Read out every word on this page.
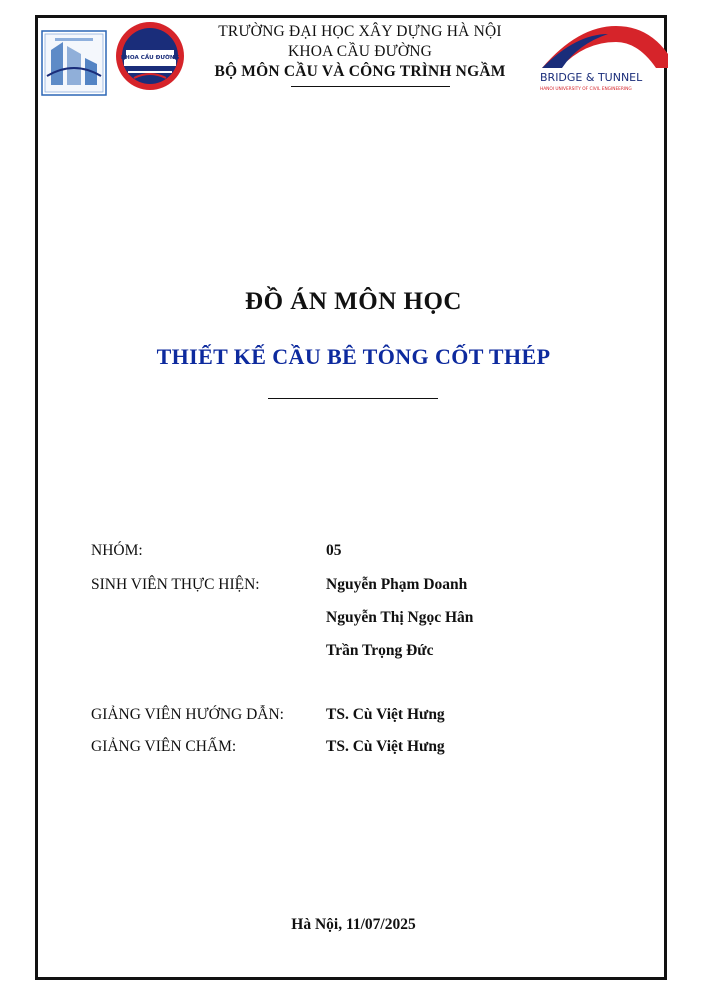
KHOA CẦU ĐƯỜNG
TRƯỜNG ĐẠI HỌC XÂY DỰNG HÀ NỘI
KHOA CẦU ĐƯỜNG
BỘ MÔN CẦU VÀ CÔNG TRÌNH NGẦM	BRIDGE & TUNNEL
HANOI UNIVERSITY OF CIVIL ENGINEERING
ĐỒ ÁN MÔN HỌC
THIẾT KẾ CẦU BÊ TÔNG CỐT THÉP
NHÓM:	05
SINH VIÊN THỰC HIỆN:	Nguyễn Phạm Doanh
Nguyễn Thị Ngọc Hân
Trần Trọng Đức
GIẢNG VIÊN HƯỚNG DẪN:	TS. Cù Việt Hưng
GIẢNG VIÊN CHẤM:	TS. Cù Việt Hưng
Hà Nội, 11/07/2025
